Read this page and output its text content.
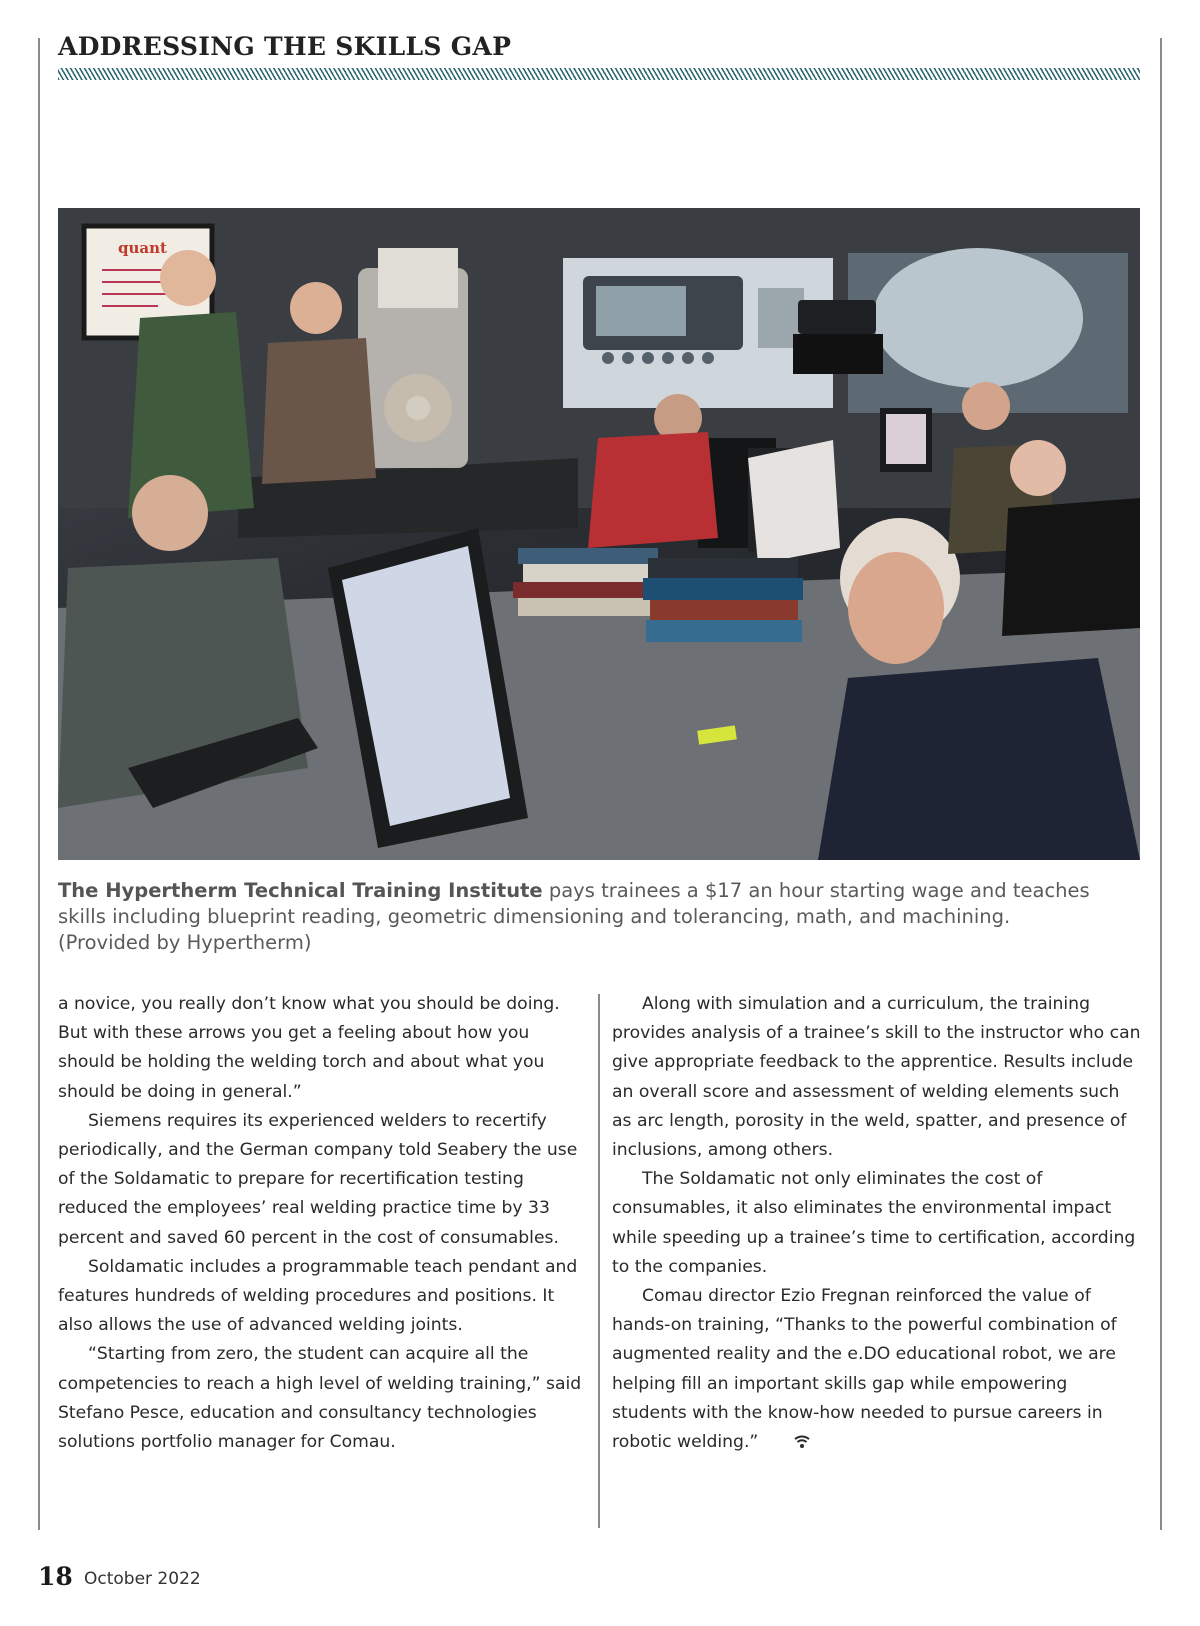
ADDRESSING THE SKILLS GAP
quant
The Hypertherm Technical Training Institute pays trainees a $17 an hour starting wage and teaches
skills including blueprint reading, geometric dimensioning and tolerancing, math, and machining.
(Provided by Hypertherm)

a novice, you really don’t know what you should be doing. But with these arrows you get a feeling about how you should be holding the welding torch and about what you should be doing in general.”

Siemens requires its experienced welders to recertify periodically, and the German company told Seabery the use of the Soldamatic to prepare for recertification testing reduced the employees’ real welding practice time by 33 percent and saved 60 percent in the cost of consumables.

Soldamatic includes a programmable teach pendant and features hundreds of welding procedures and positions. It also allows the use of advanced welding joints.

“Starting from zero, the student can acquire all the competencies to reach a high level of welding training,” said Stefano Pesce, education and consultancy technologies solutions portfolio manager for Comau.

Along with simulation and a curriculum, the training provides analysis of a trainee’s skill to the instructor who can give appropriate feedback to the apprentice. Results include an overall score and assessment of welding elements such as arc length, porosity in the weld, spatter, and presence of inclusions, among others.

The Soldamatic not only eliminates the cost of consumables, it also eliminates the environmental impact while speeding up a trainee’s time to certification, according to the companies.

Comau director Ezio Fregnan reinforced the value of hands-on training, “Thanks to the powerful combination of augmented reality and the e.DO educational robot, we are helping fill an important skills gap while empowering students with the know-how needed to pursue careers in robotic welding.”

18 October 2022
